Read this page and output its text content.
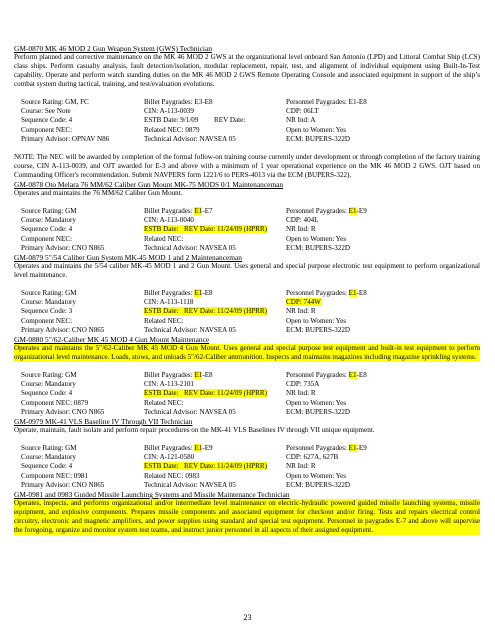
GM-0870 MK 46 MOD 2 Gun Weapon System (GWS) Technician
Perform planned and corrective maintenance on the MK 46 MOD 2 GWS at the organizational level onboard San Antonio (LPD) and Littoral Combat Ship (LCS) class ships. Perform casualty analysis, fault detection/isolation, modular replacement, repair, test, and alignment of individual equipment using Built-In-Test capability. Operate and perform watch standing duties on the MK 46 MOD 2 GWS Remote Operating Console and associated equipment in support of the ship’s combat system during tactical, training, and test/evaluation evolutions.
Source Rating: GM, FC	Billet Paygrades: E3-E8	Personnel Paygrades: E1-E8
Course: See Note	CIN: A-113-0039	CDP: 06LT
Sequence Code: 4	ESTB Date: 9/1/09 REV Date:	NR Ind: A
Component NEC:	Related NEC: 0879	Open to Women: Yes
Primary Advisor: OPNAV N86	Technical Advisor: NAVSEA 05	ECM: BUPERS-322D
NOTE: The NEC will be awarded by completion of the formal follow-on training course currently under development or through completion of the factory training course, CIN A-113-0039, and OJT awarded for E-3 and above with a minimum of 1 year operational experience on the MK 46 MOD 2 GWS. OJT based on Commanding Officer's recommendation. Submit NAVPERS form 1221/6 to PERS-4013 via the ECM (BUPERS-322).
GM-0878 Oto Melara 76 MM/62 Caliber Gun Mount MK-75 MODS 0/1 Maintenanceman
Operates and maintains the 76 MM/62 Caliber Gun Mount.
Source Rating: GM	Billet Paygrades: E1-E7	Personnel Paygrades: E1-E9
Course: Mandatory	CIN: A-113-0040	CDP: 404L
Sequence Code: 4	ESTB Date: REV Date: 11/24/09 (HPRR)	NR Ind: R
Component NEC:	Related NEC:	Open to Women: Yes
Primary Advisor: CNO N865	Technical Advisor: NAVSEA 05	ECM: BUPERS-322D
GM-0879 5"/54 Caliber Gun System MK-45 MOD 1 and 2 Maintenanceman
Operates and maintains the 5/54 caliber MK-45 MOD 1 and 2 Gun Mount. Uses general and special purpose electronic test equipment to perform organizational level maintenance.
Source Rating: GM	Billet Paygrades: E1-E8	Personnel Paygrades: E1-E8
Course: Mandatory	CIN: A-113-1118	CDP: 744W
Sequence Code: 3	ESTB Date: REV Date: 11/24/09 (HPRR)	NR Ind: R
Component NEC:	Related NEC:	Open to Women: Yes
Primary Advisor: CNO N865	Technical Advisor: NAVSEA 05	ECM: BUPERS-322D
GM-0880 5"/62-Caliber MK 45 MOD 4 Gun Mount Maintenance
Operates and maintains the 5"/62-Caliber MK 45 MOD 4 Gun Mount. Uses general and special purpose test equipment and built-in test equipment to perform organizational level maintenance. Loads, stows, and unloads 5"/62-Caliber ammunition. Inspects and maintains magazines including magazine sprinkling systems.
Source Rating: GM	Billet Paygrades: E1-E8	Personnel Paygrades: E1-E8
Course: Mandatory	CIN: A-113-2101	CDP: 735A
Sequence Code: 4	ESTB Date: REV Date: 11/24/09 (HPRR)	NR Ind: R
Component NEC: 0879	Related NEC:	Open to Women: Yes
Primary Advisor: CNO N865	Technical Advisor: NAVSEA 05	ECM: BUPERS-322D
GM-0979 MK-41 VLS Baseline IV Through VII Technician
Operate, maintain, fault isolate and perform repair procedures on the MK-41 VLS Baselines IV through VII unique equipment.
Source Rating: GM	Billet Paygrades: E1-E9	Personnel Paygrades: E1-E9
Course: Mandatory	CIN: A-121-0580	CDP: 627A, 627B
Sequence Code: 4	ESTB Date: REV Date: 11/24/09 (HPRR)	NR Ind: R
Component NEC: 0981	Related NEC: 0983	Open to Women: Yes
Primary Advisor: CNO N865	Technical Advisor: NAVSEA 05	ECM: BUPERS-322D
GM-0981 and 0983 Guided Missile Launching Systems and Missile Maintenance Technician
Operates, inspects, and performs organizational and/or intermediate level maintenance on electric-hydraulic powered guided missile launching systems, missile equipment, and explosive components. Prepares missile components and associated equipment for checkout and/or firing. Tests and repairs electrical control circuitry, electronic and magnetic amplifiers, and power supplies using standard and special test equipment. Personnel in paygrades E-7 and above will supervise the foregoing, organize and monitor system test teams, and instruct junior personnel in all aspects of their assigned equipment.
23
